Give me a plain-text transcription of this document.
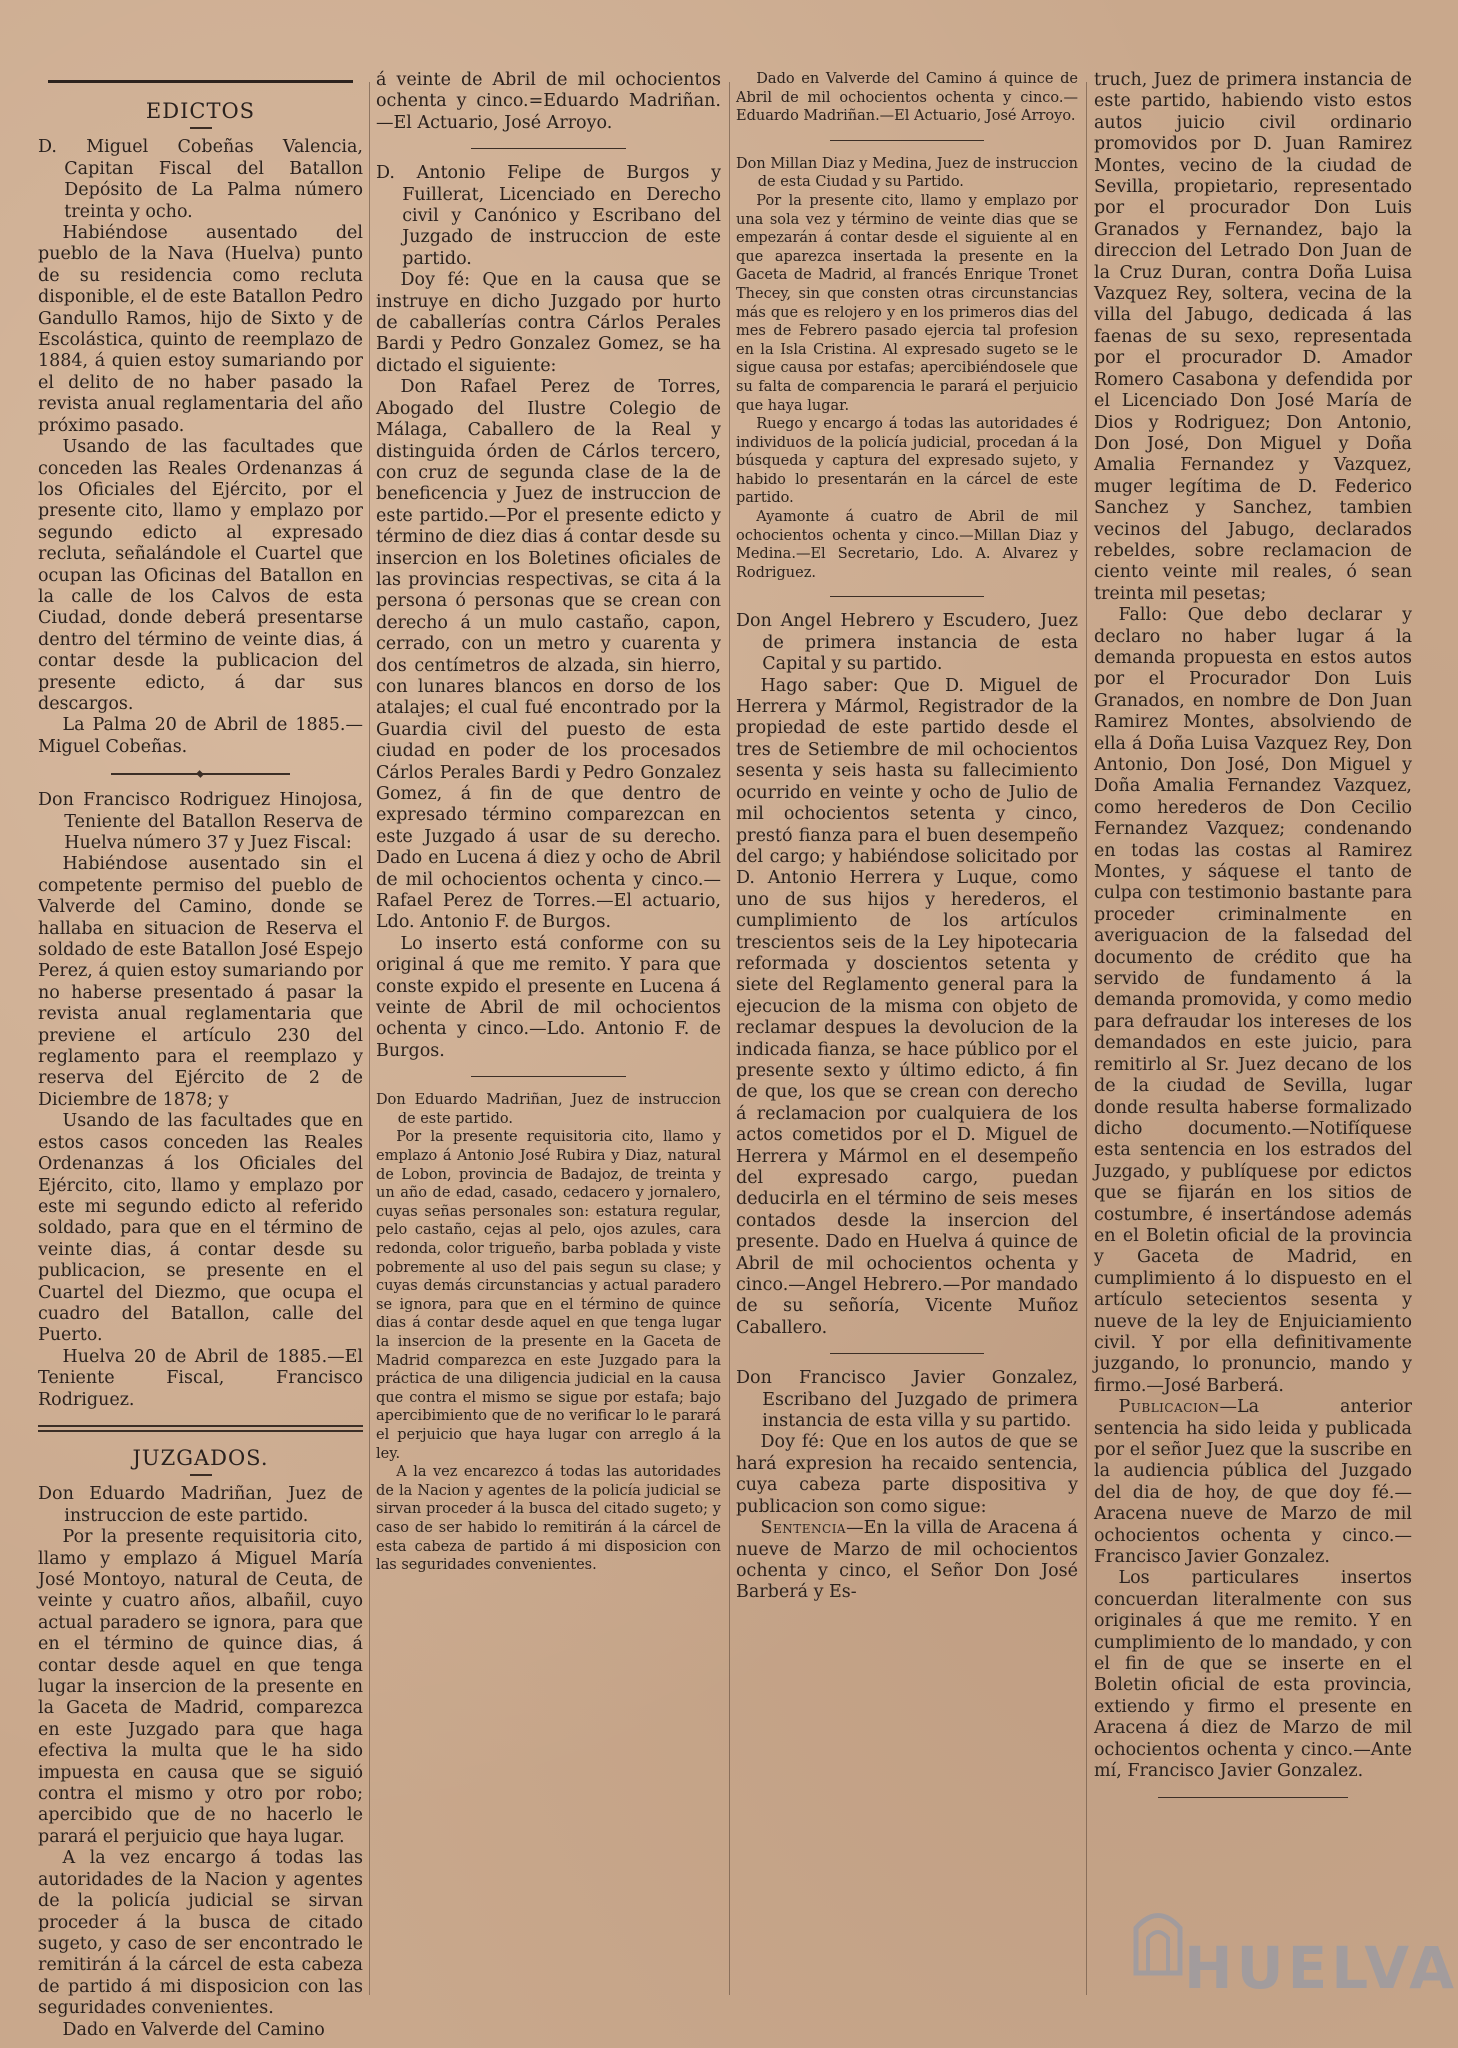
EDICTOS

D. Miguel Cobeñas Valencia, Capitan Fiscal del Batallon Depósito de La Palma número treinta y ocho.

Habiéndose ausentado del pueblo de la Nava (Huelva) punto de su residencia como recluta disponible, el de este Batallon Pedro Gandullo Ramos, hijo de Sixto y de Escolástica, quinto de reemplazo de 1884, á quien estoy sumariando por el delito de no haber pasado la revista anual reglamentaria del año próximo pasado.

Usando de las facultades que conceden las Reales Ordenanzas á los Oficiales del Ejército, por el presente cito, llamo y emplazo por segundo edicto al expresado recluta, señalándole el Cuartel que ocupan las Oficinas del Batallon en la calle de los Calvos de esta Ciudad, donde deberá presentarse dentro del término de veinte dias, á contar desde la publicacion del presente edicto, á dar sus descargos.

La Palma 20 de Abril de 1885.—Miguel Cobeñas.

Don Francisco Rodriguez Hinojosa, Teniente del Batallon Reserva de Huelva número 37 y Juez Fiscal:

Habiéndose ausentado sin el competente permiso del pueblo de Valverde del Camino, donde se hallaba en situacion de Reserva el soldado de este Batallon José Espejo Perez, á quien estoy sumariando por no haberse presentado á pasar la revista anual reglamentaria que previene el artículo 230 del reglamento para el reemplazo y reserva del Ejército de 2 de Diciembre de 1878; y

Usando de las facultades que en estos casos conceden las Reales Ordenanzas á los Oficiales del Ejército, cito, llamo y emplazo por este mi segundo edicto al referido soldado, para que en el término de veinte dias, á contar desde su publicacion, se presente en el Cuartel del Diezmo, que ocupa el cuadro del Batallon, calle del Puerto.

Huelva 20 de Abril de 1885.—El Teniente Fiscal, Francisco Rodriguez.

JUZGADOS.

Don Eduardo Madriñan, Juez de instruccion de este partido.

Por la presente requisitoria cito, llamo y emplazo á Miguel María José Montoyo, natural de Ceuta, de veinte y cuatro años, albañil, cuyo actual paradero se ignora, para que en el término de quince dias, á contar desde aquel en que tenga lugar la insercion de la presente en la Gaceta de Madrid, comparezca en este Juzgado para que haga efectiva la multa que le ha sido impuesta en causa que se siguió contra el mismo y otro por robo; apercibido que de no hacerlo le parará el perjuicio que haya lugar.

A la vez encargo á todas las autoridades de la Nacion y agentes de la policía judicial se sirvan proceder á la busca de citado sugeto, y caso de ser encontrado le remitirán á la cárcel de esta cabeza de partido á mi disposicion con las seguridades convenientes.

Dado en Valverde del Camino

á veinte de Abril de mil ochocientos ochenta y cinco.=Eduardo Madriñan.—El Actuario, José Arroyo.

D. Antonio Felipe de Burgos y Fuillerat, Licenciado en Derecho civil y Canónico y Escribano del Juzgado de instruccion de este partido.

Doy fé: Que en la causa que se instruye en dicho Juzgado por hurto de caballerías contra Cárlos Perales Bardi y Pedro Gonzalez Gomez, se ha dictado el siguiente:

Don Rafael Perez de Torres, Abogado del Ilustre Colegio de Málaga, Caballero de la Real y distinguida órden de Cárlos tercero, con cruz de segunda clase de la de beneficencia y Juez de instruccion de este partido.—Por el presente edicto y término de diez dias á contar desde su insercion en los Boletines oficiales de las provincias respectivas, se cita á la persona ó personas que se crean con derecho á un mulo castaño, capon, cerrado, con un metro y cuarenta y dos centímetros de alzada, sin hierro, con lunares blancos en dorso de los atalajes; el cual fué encontrado por la Guardia civil del puesto de esta ciudad en poder de los procesados Cárlos Perales Bardi y Pedro Gonzalez Gomez, á fin de que dentro de expresado término comparezcan en este Juzgado á usar de su derecho. Dado en Lucena á diez y ocho de Abril de mil ochocientos ochenta y cinco.—Rafael Perez de Torres.—El actuario, Ldo. Antonio F. de Burgos.

Lo inserto está conforme con su original á que me remito. Y para que conste expido el presente en Lucena á veinte de Abril de mil ochocientos ochenta y cinco.—Ldo. Antonio F. de Burgos.

Don Eduardo Madriñan, Juez de instruccion de este partido.

Por la presente requisitoria cito, llamo y emplazo á Antonio José Rubira y Diaz, natural de Lobon, provincia de Badajoz, de treinta y un año de edad, casado, cedacero y jornalero, cuyas señas personales son: estatura regular, pelo castaño, cejas al pelo, ojos azules, cara redonda, color trigueño, barba poblada y viste pobremente al uso del pais segun su clase; y cuyas demás circunstancias y actual paradero se ignora, para que en el término de quince dias á contar desde aquel en que tenga lugar la insercion de la presente en la Gaceta de Madrid comparezca en este Juzgado para la práctica de una diligencia judicial en la causa que contra el mismo se sigue por estafa; bajo apercibimiento que de no verificar lo le parará el perjuicio que haya lugar con arreglo á la ley.

A la vez encarezco á todas las autoridades de la Nacion y agentes de la policía judicial se sirvan proceder á la busca del citado sugeto; y caso de ser habido lo remitirán á la cárcel de esta cabeza de partido á mi disposicion con las seguridades convenientes.

Dado en Valverde del Camino á quince de Abril de mil ochocientos ochenta y cinco.—Eduardo Madriñan.—El Actuario, José Arroyo.

Don Millan Diaz y Medina, Juez de instruccion de esta Ciudad y su Partido.

Por la presente cito, llamo y emplazo por una sola vez y término de veinte dias que se empezarán á contar desde el siguiente al en que aparezca insertada la presente en la Gaceta de Madrid, al francés Enrique Tronet Thecey, sin que consten otras circunstancias más que es relojero y en los primeros dias del mes de Febrero pasado ejercia tal profesion en la Isla Cristina. Al expresado sugeto se le sigue causa por estafas; apercibiéndosele que su falta de comparencia le parará el perjuicio que haya lugar.

Ruego y encargo á todas las autoridades é individuos de la policía judicial, procedan á la búsqueda y captura del expresado sujeto, y habido lo presentarán en la cárcel de este partido.

Ayamonte á cuatro de Abril de mil ochocientos ochenta y cinco.—Millan Diaz y Medina.—El Secretario, Ldo. A. Alvarez y Rodriguez.

Don Angel Hebrero y Escudero, Juez de primera instancia de esta Capital y su partido.

Hago saber: Que D. Miguel de Herrera y Mármol, Registrador de la propiedad de este partido desde el tres de Setiembre de mil ochocientos sesenta y seis hasta su fallecimiento ocurrido en veinte y ocho de Julio de mil ochocientos setenta y cinco, prestó fianza para el buen desempeño del cargo; y habiéndose solicitado por D. Antonio Herrera y Luque, como uno de sus hijos y herederos, el cumplimiento de los artículos trescientos seis de la Ley hipotecaria reformada y doscientos setenta y siete del Reglamento general para la ejecucion de la misma con objeto de reclamar despues la devolucion de la indicada fianza, se hace público por el presente sexto y último edicto, á fin de que, los que se crean con derecho á reclamacion por cualquiera de los actos cometidos por el D. Miguel de Herrera y Mármol en el desempeño del expresado cargo, puedan deducirla en el término de seis meses contados desde la insercion del presente. Dado en Huelva á quince de Abril de mil ochocientos ochenta y cinco.—Angel Hebrero.—Por mandado de su señoría, Vicente Muñoz Caballero.

Don Francisco Javier Gonzalez, Escribano del Juzgado de primera instancia de esta villa y su partido.

Doy fé: Que en los autos de que se hará expresion ha recaido sentencia, cuya cabeza parte dispositiva y publicacion son como sigue:

Sentencia—En la villa de Aracena á nueve de Marzo de mil ochocientos ochenta y cinco, el Señor Don José Barberá y Es-

truch, Juez de primera instancia de este partido, habiendo visto estos autos juicio civil ordinario promovidos por D. Juan Ramirez Montes, vecino de la ciudad de Sevilla, propietario, representado por el procurador Don Luis Granados y Fernandez, bajo la direccion del Letrado Don Juan de la Cruz Duran, contra Doña Luisa Vazquez Rey, soltera, vecina de la villa del Jabugo, dedicada á las faenas de su sexo, representada por el procurador D. Amador Romero Casabona y defendida por el Licenciado Don José María de Dios y Rodriguez; Don Antonio, Don José, Don Miguel y Doña Amalia Fernandez y Vazquez, muger legítima de D. Federico Sanchez y Sanchez, tambien vecinos del Jabugo, declarados rebeldes, sobre reclamacion de ciento veinte mil reales, ó sean treinta mil pesetas;

Fallo: Que debo declarar y declaro no haber lugar á la demanda propuesta en estos autos por el Procurador Don Luis Granados, en nombre de Don Juan Ramirez Montes, absolviendo de ella á Doña Luisa Vazquez Rey, Don Antonio, Don José, Don Miguel y Doña Amalia Fernandez Vazquez, como herederos de Don Cecilio Fernandez Vazquez; condenando en todas las costas al Ramirez Montes, y sáquese el tanto de culpa con testimonio bastante para proceder criminalmente en averiguacion de la falsedad del documento de crédito que ha servido de fundamento á la demanda promovida, y como medio para defraudar los intereses de los demandados en este juicio, para remitirlo al Sr. Juez decano de los de la ciudad de Sevilla, lugar donde resulta haberse formalizado dicho documento.—Notifíquese esta sentencia en los estrados del Juzgado, y publíquese por edictos que se fijarán en los sitios de costumbre, é insertándose además en el Boletin oficial de la provincia y Gaceta de Madrid, en cumplimiento á lo dispuesto en el artículo setecientos sesenta y nueve de la ley de Enjuiciamiento civil. Y por ella definitivamente juzgando, lo pronuncio, mando y firmo.—José Barberá.

Publicacion—La anterior sentencia ha sido leida y publicada por el señor Juez que la suscribe en la audiencia pública del Juzgado del dia de hoy, de que doy fé.—Aracena nueve de Marzo de mil ochocientos ochenta y cinco.—Francisco Javier Gonzalez.

Los particulares insertos concuerdan literalmente con sus originales á que me remito. Y en cumplimiento de lo mandado, y con el fin de que se inserte en el Boletin oficial de esta provincia, extiendo y firmo el presente en Aracena á diez de Marzo de mil ochocientos ochenta y cinco.—Ante mí, Francisco Javier Gonzalez.

HUELVA
